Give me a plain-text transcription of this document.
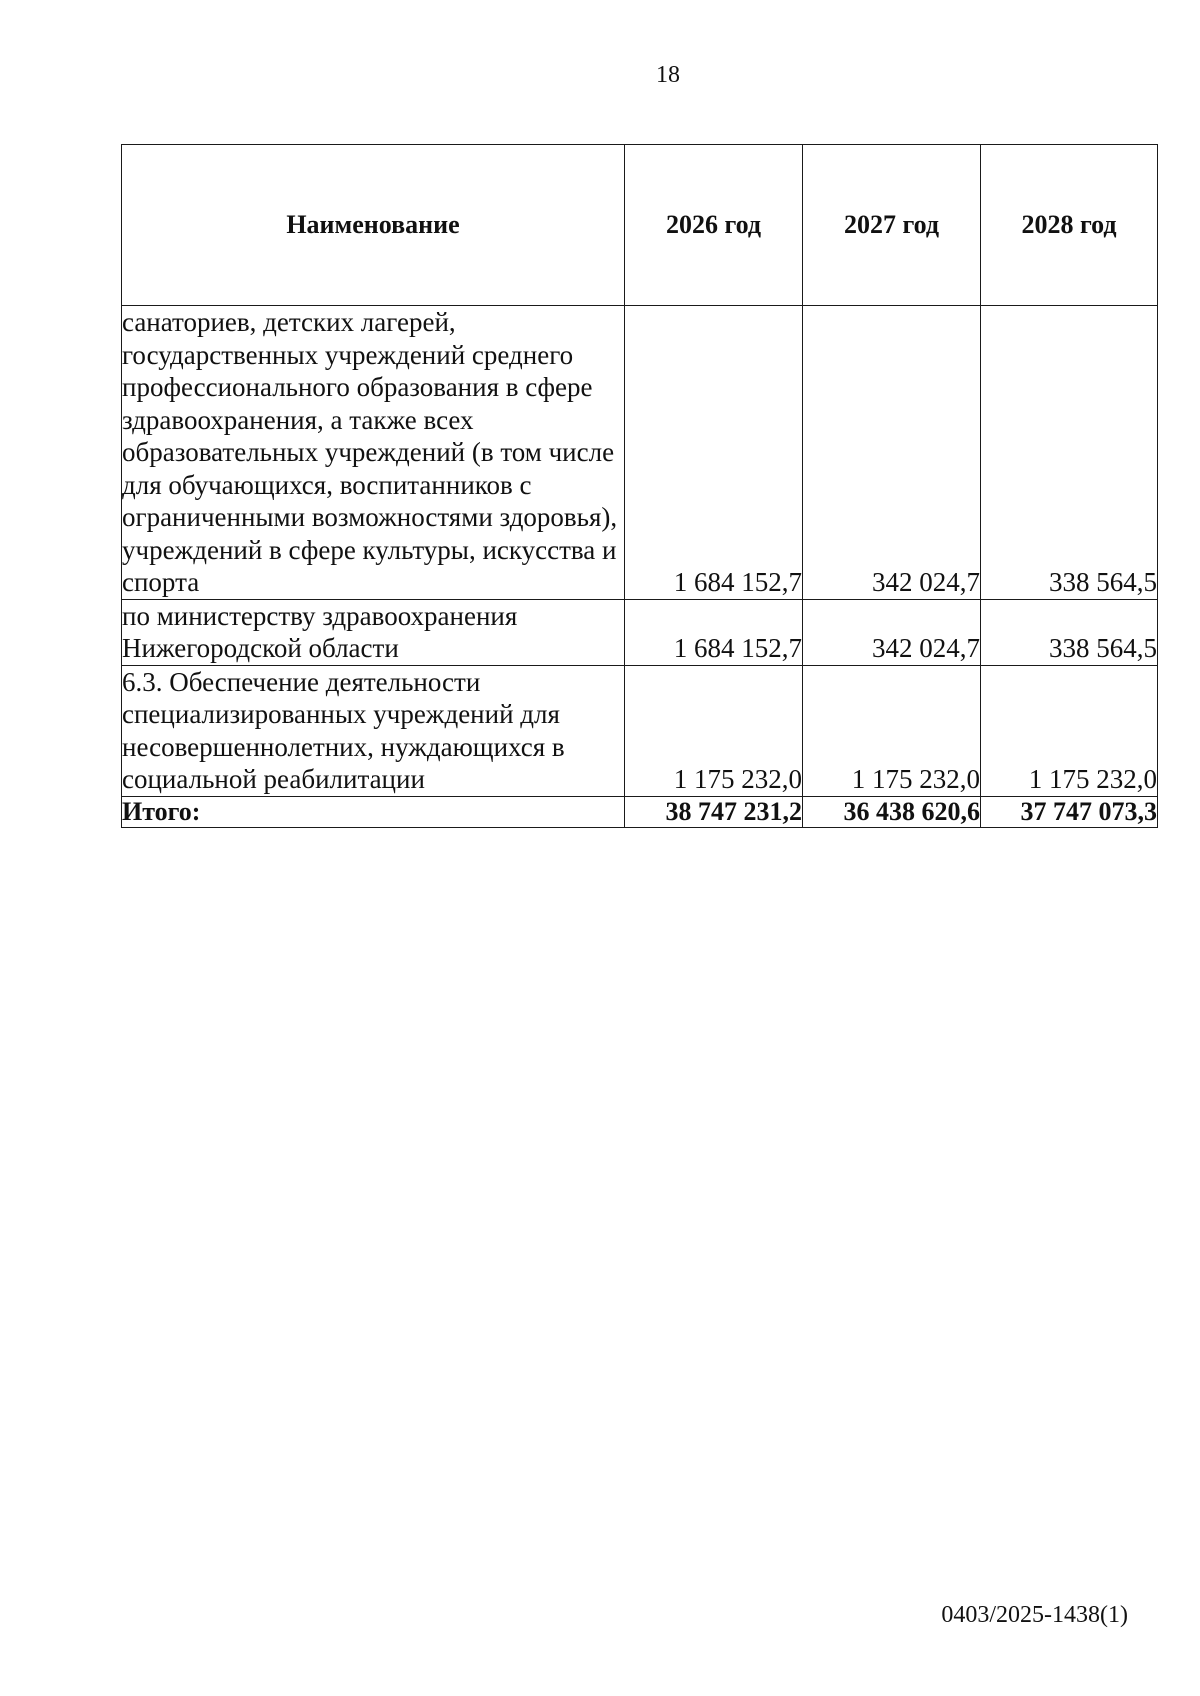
18
Наименование	2026 год	2027 год	2028 год
санаториев, детских лагерей, государственных учреждений среднего профессионального образования в сфере здравоохранения, а также всех образовательных учреждений (в том числе для обучающихся, воспитанников с ограниченными возможностями здоровья), учреждений в сфере культуры, искусства и спорта	1 684 152,7	342 024,7	338 564,5
по министерству здравоохранения Нижегородской области	1 684 152,7	342 024,7	338 564,5
6.3. Обеспечение деятельности специализированных учреждений для несовершеннолетних, нуждающихся в социальной реабилитации	1 175 232,0	1 175 232,0	1 175 232,0
Итого:	38 747 231,2	36 438 620,6	37 747 073,3
0403/2025-1438(1)
